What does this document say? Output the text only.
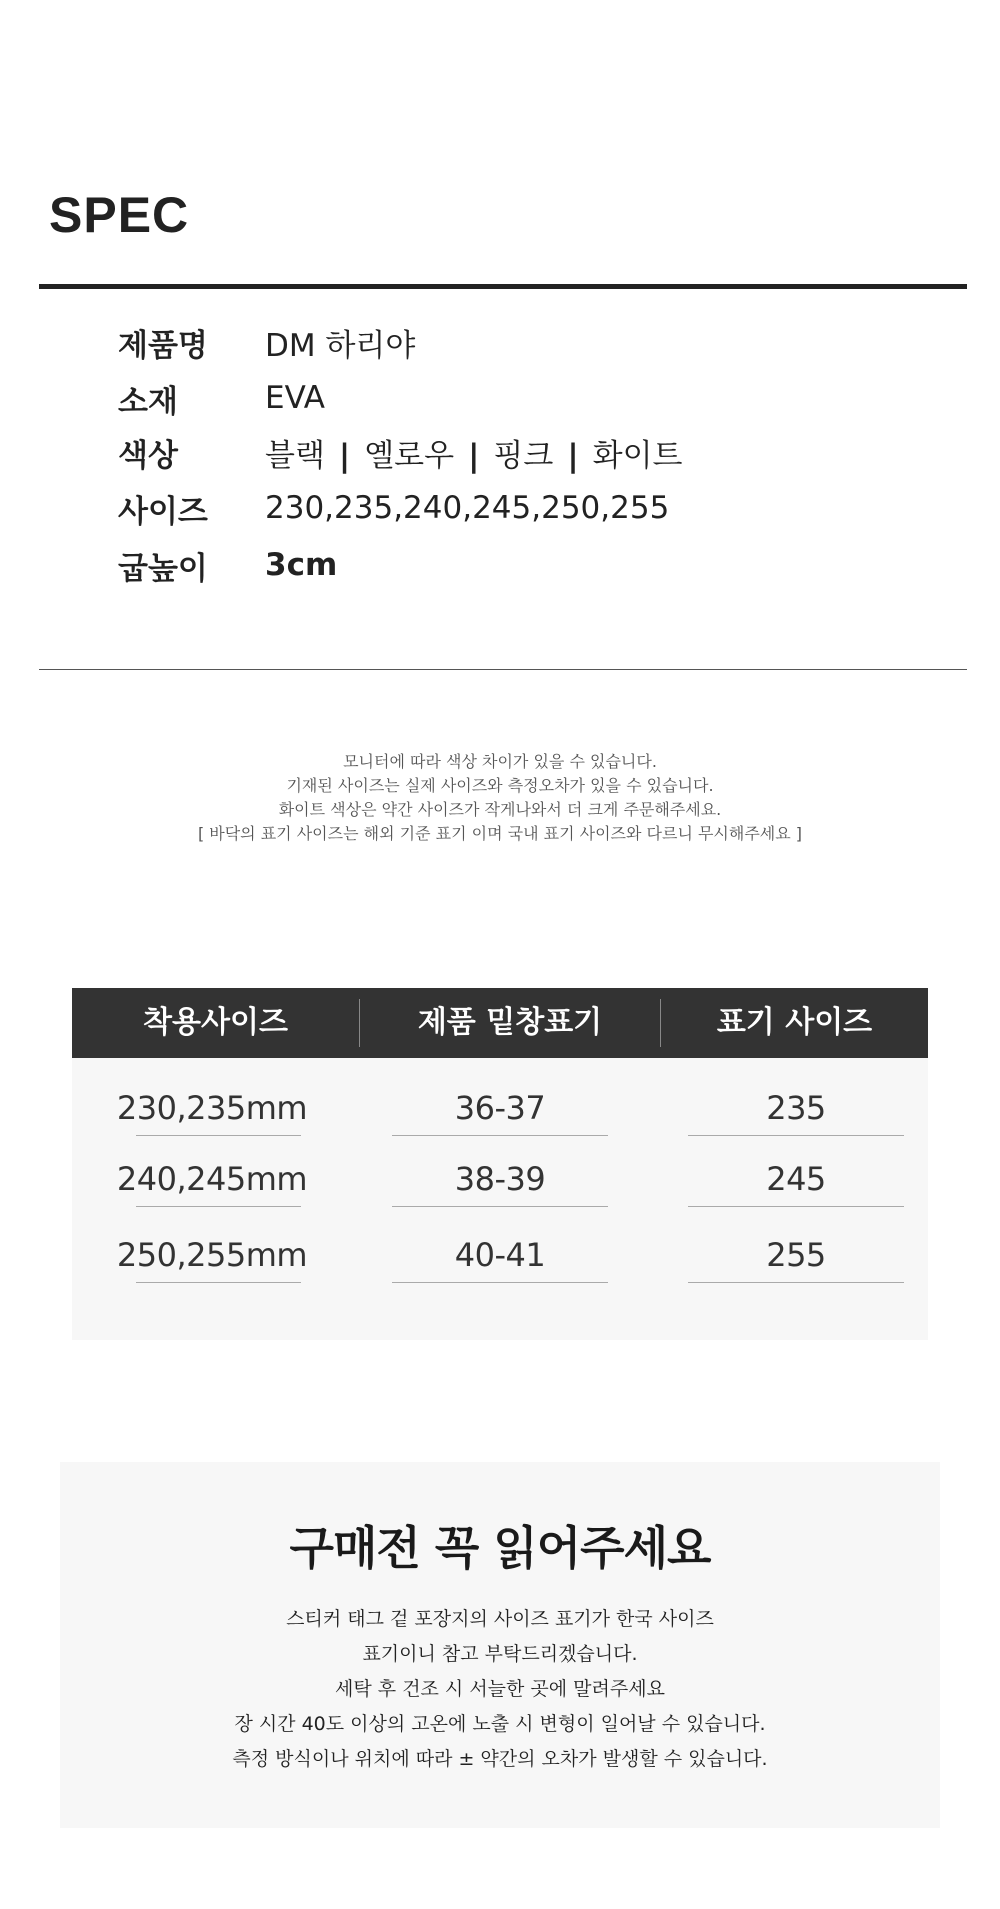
SPEC
제품명	DM 하리야
소재	EVA
색상	블랙 | 옐로우 | 핑크 | 화이트
사이즈	230,235,240,245,250,255
굽높이	3cm
모니터에 따라 색상 차이가 있을 수 있습니다.
기재된 사이즈는 실제 사이즈와 측정오차가 있을 수 있습니다.
화이트 색상은 약간 사이즈가 작게나와서 더 크게 주문해주세요.
[ 바닥의 표기 사이즈는 해외 기준 표기 이며 국내 표기 사이즈와 다르니 무시해주세요 ]
착용사이즈	제품 밑창표기	표기 사이즈
230,235mm	36-37	235
240,245mm	38-39	245
250,255mm	40-41	255
구매전 꼭 읽어주세요
스티커 태그 겉 포장지의 사이즈 표기가 한국 사이즈
표기이니 참고 부탁드리겠습니다.
세탁 후 건조 시 서늘한 곳에 말려주세요
장 시간 40도 이상의 고온에 노출 시 변형이 일어날 수 있습니다.
측정 방식이나 위치에 따라 ± 약간의 오차가 발생할 수 있습니다.
